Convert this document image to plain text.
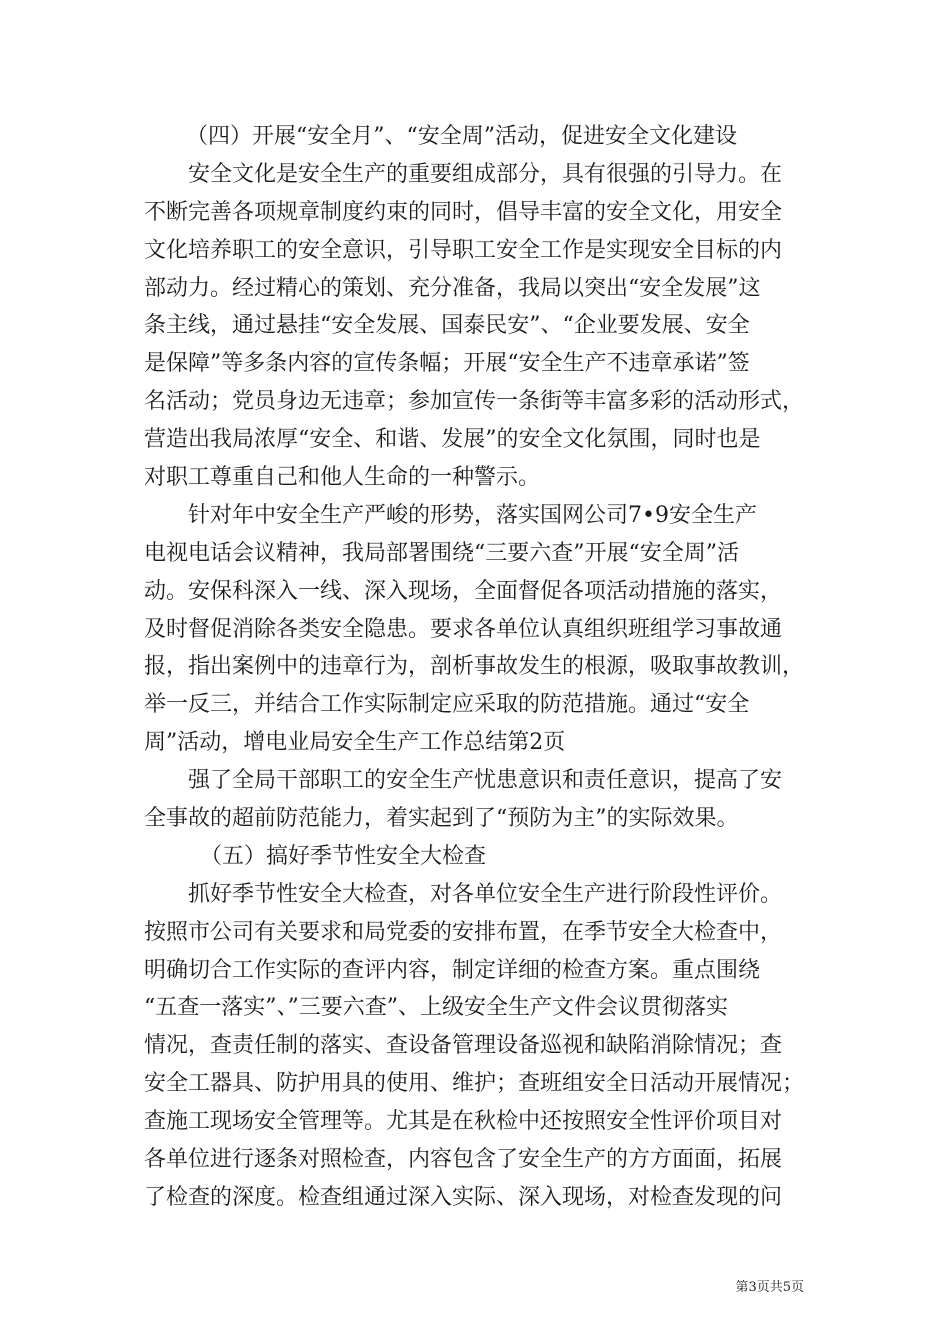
（四）开展“安全月”、“安全周”活动，促进安全文化建设
安全文化是安全生产的重要组成部分，具有很强的引导力。在
不断完善各项规章制度约束的同时，倡导丰富的安全文化，用安全
文化培养职工的安全意识，引导职工安全工作是实现安全目标的内
部动力。经过精心的策划、充分准备，我局以突出“安全发展”这
条主线，通过悬挂“安全发展、国泰民安”、“企业要发展、安全
是保障”等多条内容的宣传条幅；开展“安全生产不违章承诺”签
名活动；党员身边无违章；参加宣传一条街等丰富多彩的活动形式，
营造出我局浓厚“安全、和谐、发展”的安全文化氛围，同时也是
对职工尊重自己和他人生命的一种警示。
针对年中安全生产严峻的形势，落实国网公司7•9安全生产
电视电话会议精神，我局部署围绕“三要六查”开展“安全周”活
动。安保科深入一线、深入现场，全面督促各项活动措施的落实，
及时督促消除各类安全隐患。要求各单位认真组织班组学习事故通
报，指出案例中的违章行为，剖析事故发生的根源，吸取事故教训，
举一反三，并结合工作实际制定应采取的防范措施。通过“安全
周”活动，增电业局安全生产工作总结第2页
强了全局干部职工的安全生产忧患意识和责任意识，提高了安
全事故的超前防范能力，着实起到了“预防为主”的实际效果。
（五）搞好季节性安全大检查
抓好季节性安全大检查，对各单位安全生产进行阶段性评价。
按照市公司有关要求和局党委的安排布置，在季节安全大检查中，
明确切合工作实际的查评内容，制定详细的检查方案。重点围绕
“五查一落实”、”三要六查”、上级安全生产文件会议贯彻落实
情况，查责任制的落实、查设备管理设备巡视和缺陷消除情况；查
安全工器具、防护用具的使用、维护；查班组安全日活动开展情况；
查施工现场安全管理等。尤其是在秋检中还按照安全性评价项目对
各单位进行逐条对照检查，内容包含了安全生产的方方面面，拓展
了检查的深度。检查组通过深入实际、深入现场，对检查发现的问
第3页共5页
